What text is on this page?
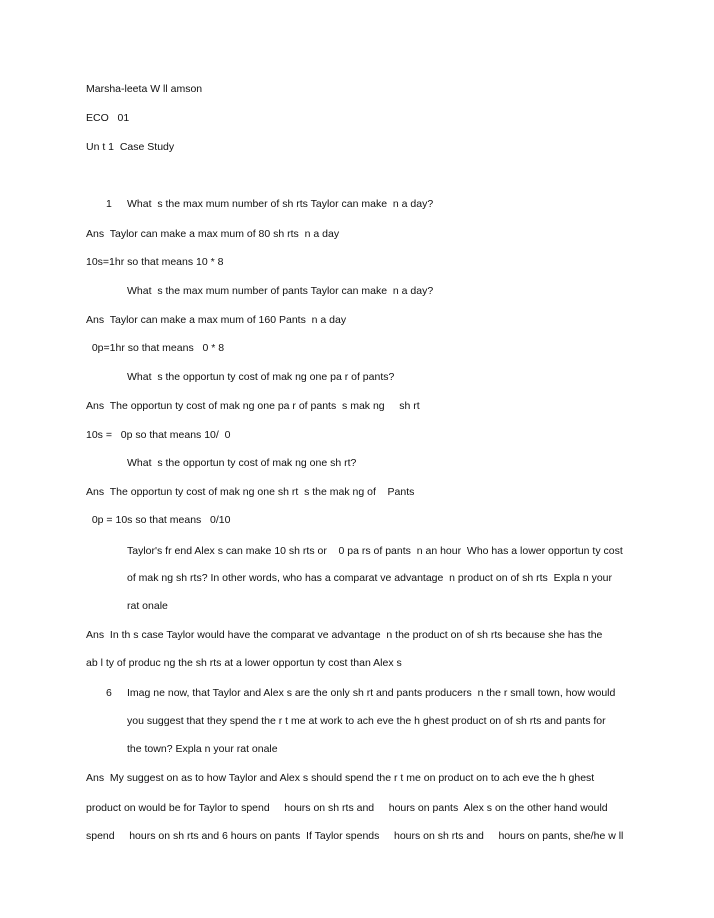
Marsha-leeta W ll amson
ECO   01
Un t 1  Case Study
1 What  s the max mum number of sh rts Taylor can make  n a day?
Ans  Taylor can make a max mum of 80 sh rts  n a day
10s=1hr so that means 10 * 8
What  s the max mum number of pants Taylor can make  n a day?
Ans  Taylor can make a max mum of 160 Pants  n a day
0p=1hr so that means   0 * 8
What  s the opportun ty cost of mak ng one pa r of pants?
Ans  The opportun ty cost of mak ng one pa r of pants  s mak ng     sh rt
10s =   0p so that means 10/  0
What  s the opportun ty cost of mak ng one sh rt?
Ans  The opportun ty cost of mak ng one sh rt  s the mak ng of    Pants
0p = 10s so that means   0/10
Taylor's fr end Alex s can make 10 sh rts or    0 pa rs of pants  n an hour  Who has a lower opportun ty cost
of mak ng sh rts? In other words, who has a comparat ve advantage  n product on of sh rts  Expla n your
rat onale
Ans  In th s case Taylor would have the comparat ve advantage  n the product on of sh rts because she has the
ab l ty of produc ng the sh rts at a lower opportun ty cost than Alex s
6 Imag ne now, that Taylor and Alex s are the only sh rt and pants producers  n the r small town, how would
you suggest that they spend the r t me at work to ach eve the h ghest product on of sh rts and pants for
the town? Expla n your rat onale
Ans  My suggest on as to how Taylor and Alex s should spend the r t me on product on to ach eve the h ghest
product on would be for Taylor to spend     hours on sh rts and     hours on pants  Alex s on the other hand would
spend     hours on sh rts and 6 hours on pants  If Taylor spends     hours on sh rts and     hours on pants, she/he w ll
